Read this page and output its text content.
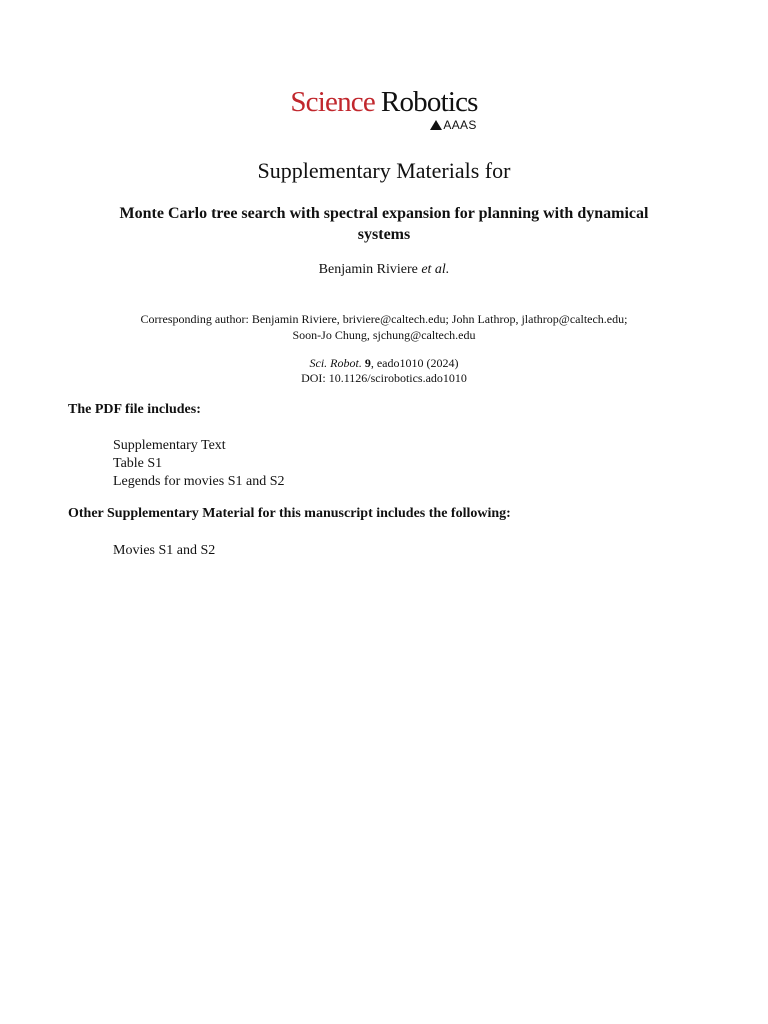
Science Robotics
AAAS
Supplementary Materials for
Monte Carlo tree search with spectral expansion for planning with dynamical systems
Benjamin Riviere et al.
Corresponding author: Benjamin Riviere, briviere@caltech.edu; John Lathrop, jlathrop@caltech.edu;
Soon-Jo Chung, sjchung@caltech.edu
Sci. Robot. 9, eado1010 (2024)
DOI: 10.1126/scirobotics.ado1010
The PDF file includes:
Supplementary Text
Table S1
Legends for movies S1 and S2
Other Supplementary Material for this manuscript includes the following:
Movies S1 and S2
